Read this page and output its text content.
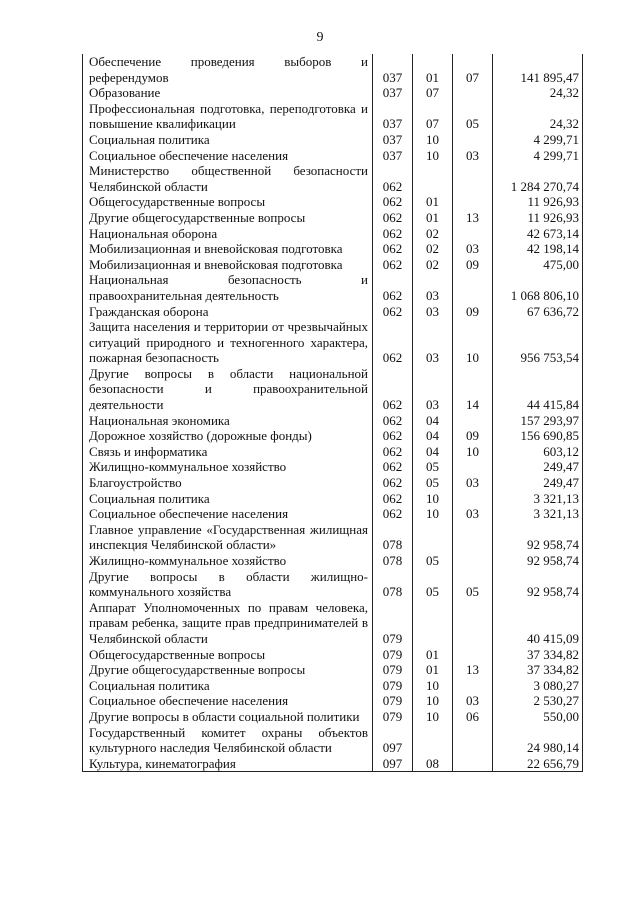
9
Обеспечение проведения выборов и референдумов	037	01	07	141 895,47
Образование	037	07		24,32
Профессиональная подготовка, переподготовка и повышение квалификации	037	07	05	24,32
Социальная политика	037	10		4 299,71
Социальное обеспечение населения	037	10	03	4 299,71
Министерство общественной безопасности Челябинской области	062			1 284 270,74
Общегосударственные вопросы	062	01		11 926,93
Другие общегосударственные вопросы	062	01	13	11 926,93
Национальная оборона	062	02		42 673,14
Мобилизационная и вневойсковая подготовка	062	02	03	42 198,14
Мобилизационная и вневойсковая подготовка	062	02	09	475,00
Национальная безопасность и правоохранительная деятельность	062	03		1 068 806,10
Гражданская оборона	062	03	09	67 636,72
Защита населения и территории от чрезвычайных ситуаций природного и техногенного характера, пожарная безопасность	062	03	10	956 753,54
Другие вопросы в области национальной безопасности и правоохранительной деятельности	062	03	14	44 415,84
Национальная экономика	062	04		157 293,97
Дорожное хозяйство (дорожные фонды)	062	04	09	156 690,85
Связь и информатика	062	04	10	603,12
Жилищно-коммунальное хозяйство	062	05		249,47
Благоустройство	062	05	03	249,47
Социальная политика	062	10		3 321,13
Социальное обеспечение населения	062	10	03	3 321,13
Главное управление «Государственная жилищная инспекция Челябинской области»	078			92 958,74
Жилищно-коммунальное хозяйство	078	05		92 958,74
Другие вопросы в области жилищно-коммунального хозяйства	078	05	05	92 958,74
Аппарат Уполномоченных по правам человека, правам ребенка, защите прав предпринимателей в Челябинской области	079			40 415,09
Общегосударственные вопросы	079	01		37 334,82
Другие общегосударственные вопросы	079	01	13	37 334,82
Социальная политика	079	10		3 080,27
Социальное обеспечение населения	079	10	03	2 530,27
Другие вопросы в области социальной политики	079	10	06	550,00
Государственный комитет охраны объектов культурного наследия Челябинской области	097			24 980,14
Культура, кинематография	097	08		22 656,79
